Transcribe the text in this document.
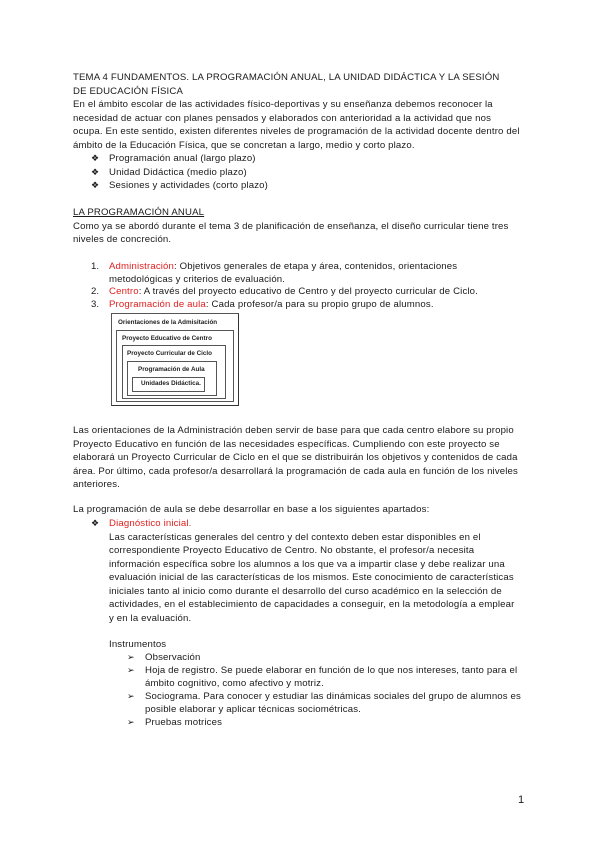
TEMA 4 FUNDAMENTOS. LA PROGRAMACIÓN ANUAL, LA UNIDAD DIDÁCTICA Y LA SESIÓN
DE EDUCACIÓN FÍSICA
En el ámbito escolar de las actividades físico-deportivas y su enseñanza debemos reconocer la
necesidad de actuar con planes pensados y elaborados con anterioridad a la actividad que nos
ocupa. En este sentido, existen diferentes niveles de programación de la actividad docente dentro del
ámbito de la Educación Física, que se concretan a largo, medio y corto plazo.
❖ Programación anual (largo plazo)
❖ Unidad Didáctica (medio plazo)
❖ Sesiones y actividades (corto plazo)
LA PROGRAMACIÓN ANUAL
Como ya se abordó durante el tema 3 de planificación de enseñanza, el diseño curricular tiene tres
niveles de concreción.
1. Administración: Objetivos generales de etapa y área, contenidos, orientaciones
metodológicas y criterios de evaluación.
2. Centro: A través del proyecto educativo de Centro y del proyecto curricular de Ciclo.
3. Programación de aula: Cada profesor/a para su propio grupo de alumnos.
Orientaciones de la Admisitación
Proyecto Educativo de Centro
Proyecto Curricular de Ciclo
Programación de Aula
Unidades Didáctica.
Las orientaciones de la Administración deben servir de base para que cada centro elabore su propio
Proyecto Educativo en función de las necesidades específicas. Cumpliendo con este proyecto se
elaborará un Proyecto Curricular de Ciclo en el que se distribuirán los objetivos y contenidos de cada
área. Por último, cada profesor/a desarrollará la programación de cada aula en función de los niveles
anteriores.
La programación de aula se debe desarrollar en base a los siguientes apartados:
❖ Diagnóstico inicial.
Las características generales del centro y del contexto deben estar disponibles en el
correspondiente Proyecto Educativo de Centro. No obstante, el profesor/a necesita
información específica sobre los alumnos a los que va a impartir clase y debe realizar una
evaluación inicial de las características de los mismos. Este conocimiento de características
iniciales tanto al inicio como durante el desarrollo del curso académico en la selección de
actividades, en el establecimiento de capacidades a conseguir, en la metodología a emplear
y en la evaluación.
Instrumentos
➢ Observación
➢ Hoja de registro. Se puede elaborar en función de lo que nos intereses, tanto para el
ámbito cognitivo, como afectivo y motriz.
➢ Sociograma. Para conocer y estudiar las dinámicas sociales del grupo de alumnos es
posible elaborar y aplicar técnicas sociométricas.
➢ Pruebas motrices
1
